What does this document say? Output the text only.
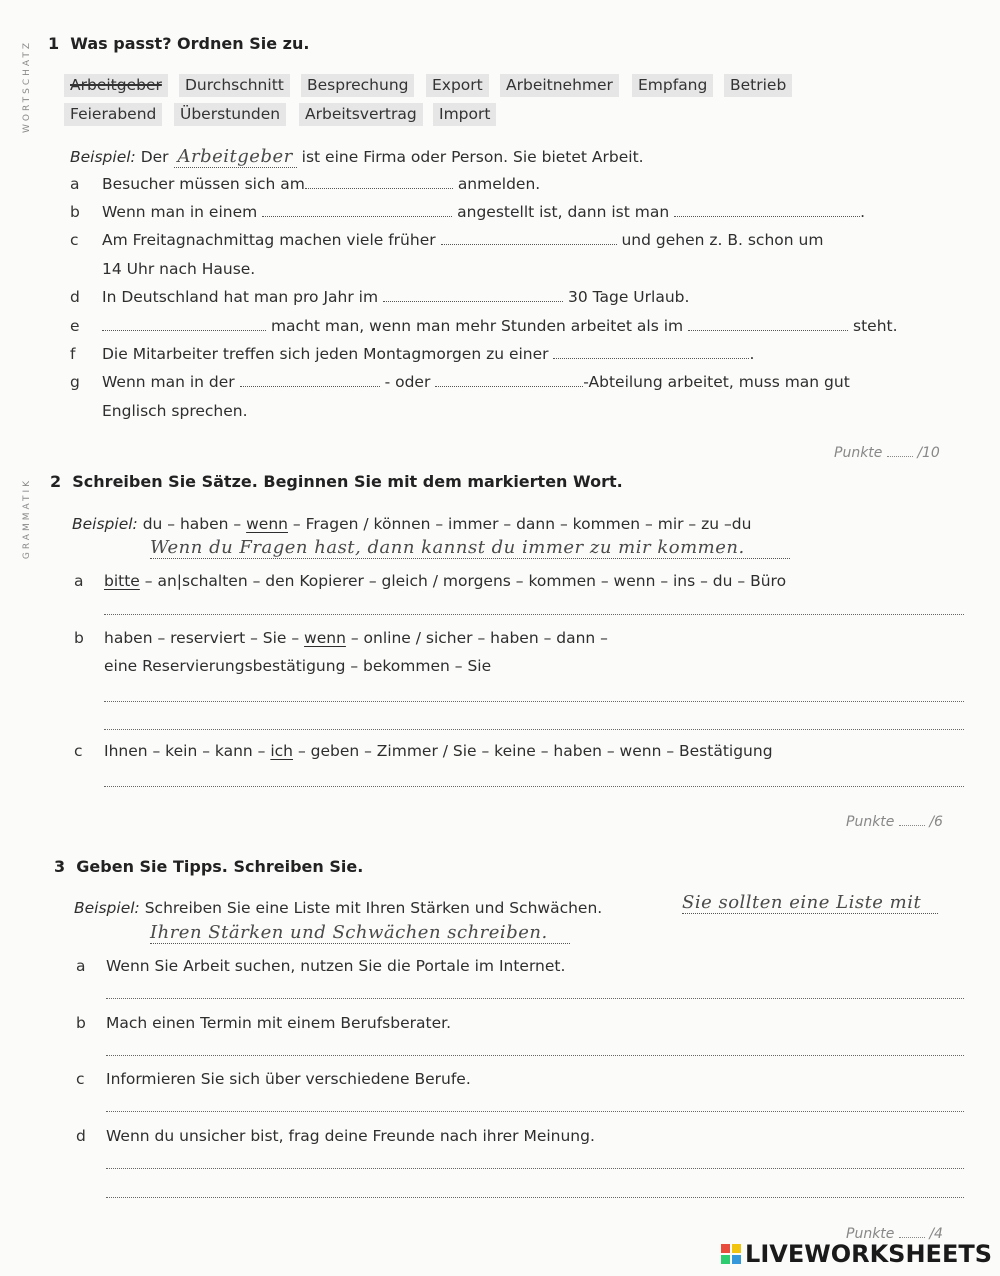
WORTSCHATZ
GRAMMATIK
1 Was passt? Ordnen Sie zu.
Arbeitgeber	Durchschnitt	Besprechung	Export	Arbeitnehmer	Empfang	Betrieb
Feierabend	Überstunden	Arbeitsvertrag	Import
Beispiel: Der Arbeitgeber ist eine Firma oder Person. Sie bietet Arbeit.
a Besucher müssen sich am	anmelden.
b Wenn man in einem	angestellt ist, dann ist man	.
c Am Freitagnachmittag machen viele früher	und gehen z. B. schon um
14 Uhr nach Hause.
d In Deutschland hat man pro Jahr im	30 Tage Urlaub.
e	macht man, wenn man mehr Stunden arbeitet als im	steht.
f Die Mitarbeiter treffen sich jeden Montagmorgen zu einer	.
g Wenn man in der	- oder	-Abteilung arbeitet, muss man gut
Englisch sprechen.
Punkte /10
2 Schreiben Sie Sätze. Beginnen Sie mit dem markierten Wort.
Beispiel: du – haben – wenn – Fragen / können – immer – dann – kommen – mir – zu –du
Wenn du Fragen hast, dann kannst du immer zu mir kommen.
a bitte – an|schalten – den Kopierer – gleich / morgens – kommen – wenn – ins – du – Büro
b haben – reserviert – Sie – wenn – online / sicher – haben – dann –
eine Reservierungsbestätigung – bekommen – Sie
c Ihnen – kein – kann – ich – geben – Zimmer / Sie – keine – haben – wenn – Bestätigung
Punkte /6
3 Geben Sie Tipps. Schreiben Sie.
Beispiel: Schreiben Sie eine Liste mit Ihren Stärken und Schwächen.	Sie sollten eine Liste mit
Ihren Stärken und Schwächen schreiben.
a Wenn Sie Arbeit suchen, nutzen Sie die Portale im Internet.
b Mach einen Termin mit einem Berufsberater.
c Informieren Sie sich über verschiedene Berufe.
d Wenn du unsicher bist, frag deine Freunde nach ihrer Meinung.
Punkte /4
LIVEWORKSHEETS
